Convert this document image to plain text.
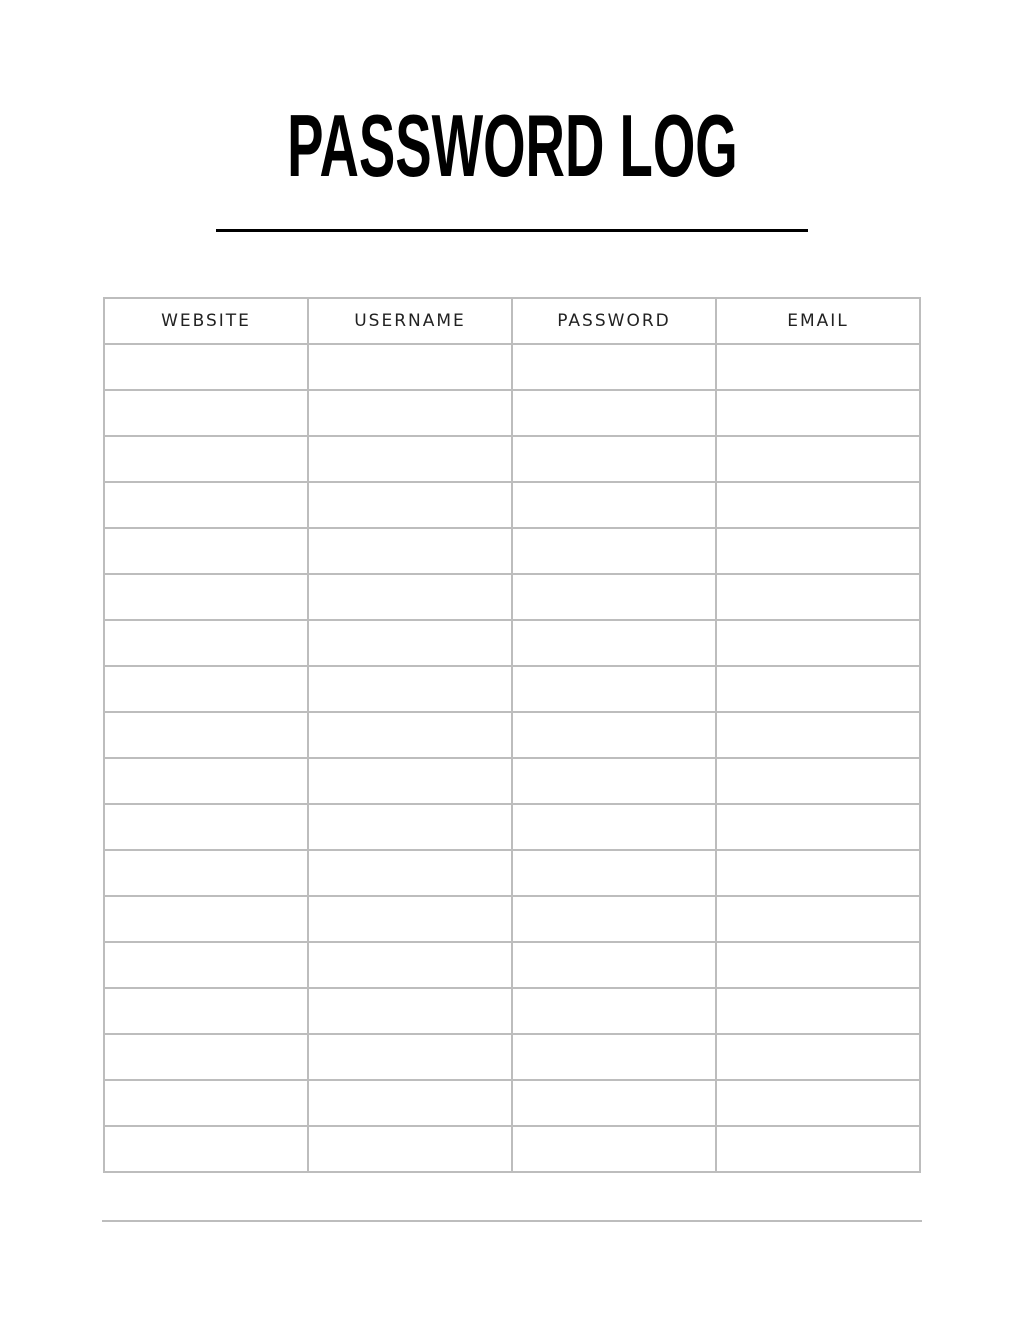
PASSWORD LOG
WEBSITE	USERNAME	PASSWORD	EMAIL
